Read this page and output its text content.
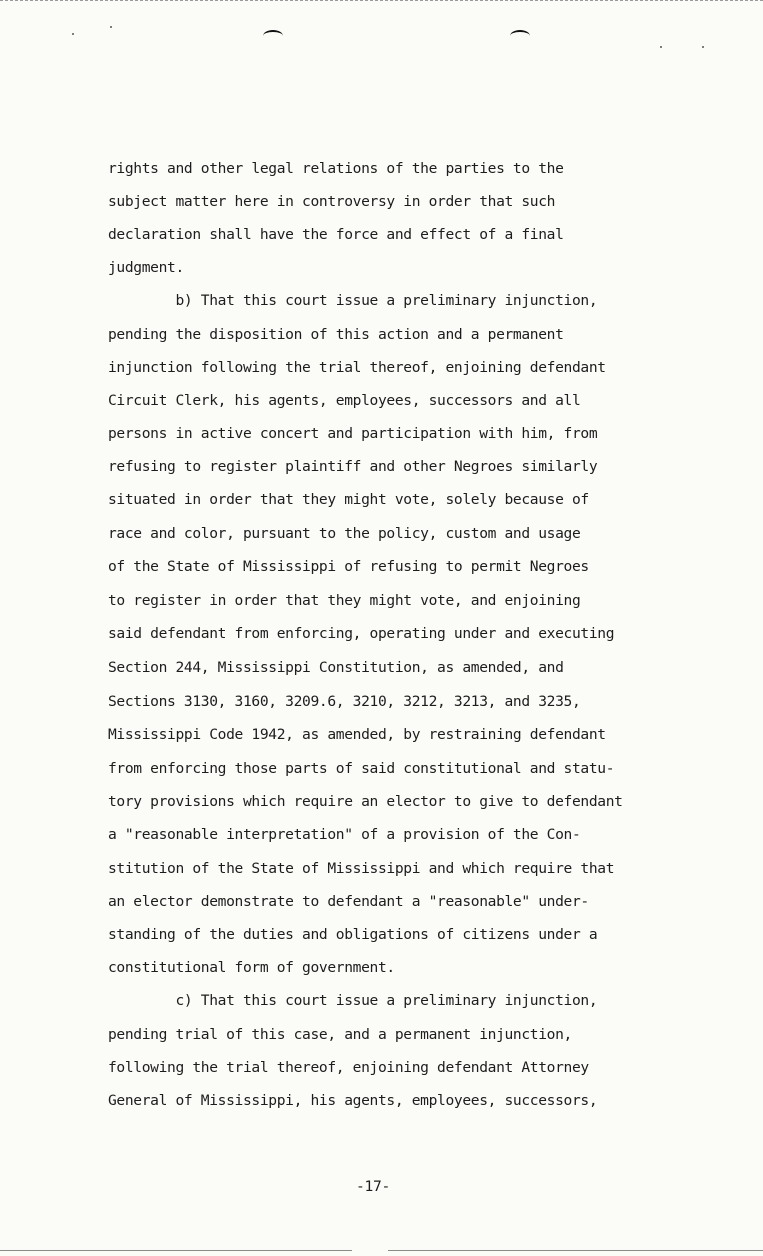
rights and other legal relations of the parties to the
subject matter here in controversy in order that such
declaration shall have the force and effect of a final
judgment.
b) That this court issue a preliminary injunction,
pending the disposition of this action and a permanent
injunction following the trial thereof, enjoining defendant
Circuit Clerk, his agents, employees, successors and all
persons in active concert and participation with him, from
refusing to register plaintiff and other Negroes similarly
situated in order that they might vote, solely because of
race and color, pursuant to the policy, custom and usage
of the State of Mississippi of refusing to permit Negroes
to register in order that they might vote, and enjoining
said defendant from enforcing, operating under and executing
Section 244, Mississippi Constitution, as amended, and
Sections 3130, 3160, 3209.6, 3210, 3212, 3213, and 3235,
Mississippi Code 1942, as amended, by restraining defendant
from enforcing those parts of said constitutional and statu-
tory provisions which require an elector to give to defendant
a "reasonable interpretation" of a provision of the Con-
stitution of the State of Mississippi and which require that
an elector demonstrate to defendant a "reasonable" under-
standing of the duties and obligations of citizens under a
constitutional form of government.
c) That this court issue a preliminary injunction,
pending trial of this case, and a permanent injunction,
following the trial thereof, enjoining defendant Attorney
General of Mississippi, his agents, employees, successors,
-17-
